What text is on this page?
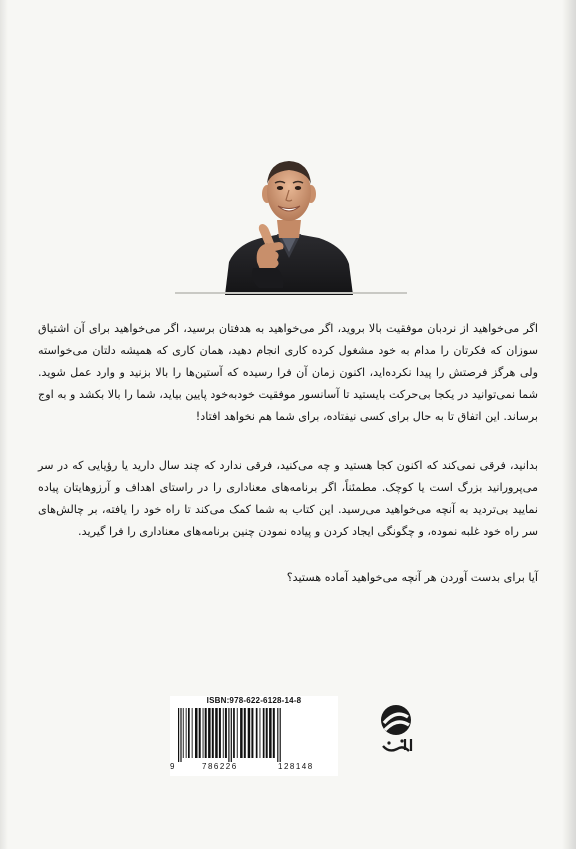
اگر می‌خواهید از نردبان موفقیت بالا بروید، اگر می‌خواهید به هدفتان برسید، اگر می‌خواهید برای آن اشتیاق سوزان که فکرتان را مدام به خود مشغول کرده کاری انجام دهید، همان کاری که همیشه دلتان می‌خواسته ولی هرگز فرصتش را پیدا نکرده‌اید، اکنون زمان آن فرا رسیده که آستین‌ها را بالا بزنید و وارد عمل شوید. شما نمی‌توانید در یکجا بی‌حرکت بایستید تا آسانسور موفقیت خودبه‌خود پایین بیاید، شما را بالا بکشد و به اوج برساند. این اتفاق تا به حال برای کسی نیفتاده، برای شما هم نخواهد افتاد!

بدانید، فرقی نمی‌کند که اکنون کجا هستید و چه می‌کنید، فرقی ندارد که چند سال دارید یا رؤیایی که در سر می‌پرورانید بزرگ است یا کوچک. مطمئناً، اگر برنامه‌های معناداری را در راستای اهداف و آرزوهایتان پیاده نمایید بی‌تردید به آنچه می‌خواهید می‌رسید. این کتاب به شما کمک می‌کند تا راه خود را یافته، بر چالش‌های سر راه خود غلبه نموده، و چگونگی ایجاد کردن و پیاده نمودن چنین برنامه‌های معناداری را فرا گیرید.

آیا برای بدست آوردن هر آنچه می‌خواهید آماده هستید؟

ISBN:978-622-6128-14-8
9	786226	128148
